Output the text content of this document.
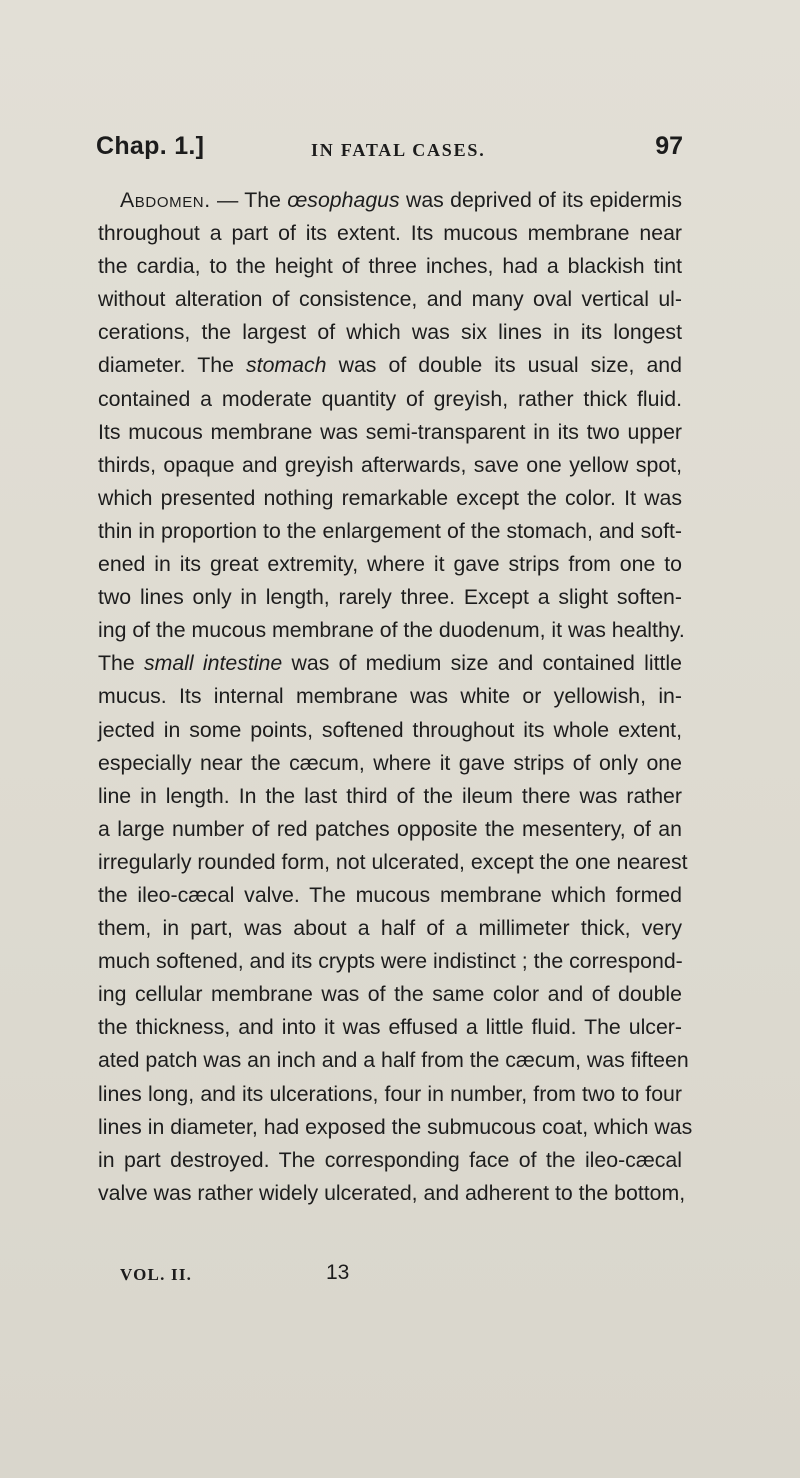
Chap. 1.]	IN FATAL CASES.	97
Abdomen. — The œsophagus was deprived of its epidermis
throughout a part of its extent. Its mucous membrane near
the cardia, to the height of three inches, had a blackish tint
without alteration of consistence, and many oval vertical ul-
cerations, the largest of which was six lines in its longest
diameter. The stomach was of double its usual size, and
contained a moderate quantity of greyish, rather thick fluid.
Its mucous membrane was semi-transparent in its two upper
thirds, opaque and greyish afterwards, save one yellow spot,
which presented nothing remarkable except the color. It was
thin in proportion to the enlargement of the stomach, and soft-
ened in its great extremity, where it gave strips from one to
two lines only in length, rarely three. Except a slight soften-
ing of the mucous membrane of the duodenum, it was healthy.
The small intestine was of medium size and contained little
mucus. Its internal membrane was white or yellowish, in-
jected in some points, softened throughout its whole extent,
especially near the cæcum, where it gave strips of only one
line in length. In the last third of the ileum there was rather
a large number of red patches opposite the mesentery, of an
irregularly rounded form, not ulcerated, except the one nearest
the ileo-cæcal valve. The mucous membrane which formed
them, in part, was about a half of a millimeter thick, very
much softened, and its crypts were indistinct ; the correspond-
ing cellular membrane was of the same color and of double
the thickness, and into it was effused a little fluid. The ulcer-
ated patch was an inch and a half from the cæcum, was fifteen
lines long, and its ulcerations, four in number, from two to four
lines in diameter, had exposed the submucous coat, which was
in part destroyed. The corresponding face of the ileo-cæcal
valve was rather widely ulcerated, and adherent to the bottom,
VOL. II.	13
